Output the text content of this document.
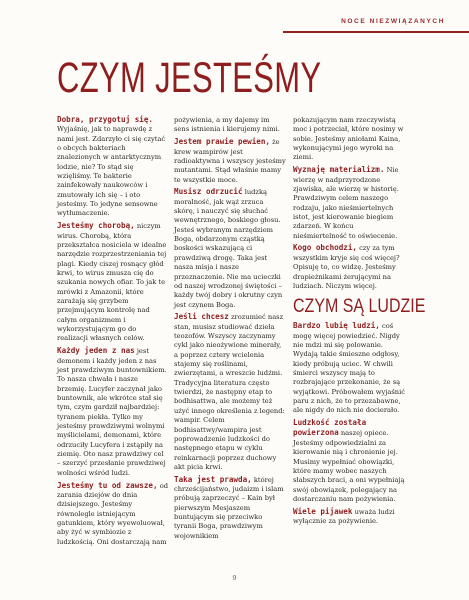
NOCE NIEZWIĄZANYCH
CZYM JESTEŚMY

Dobra, przygotuj się. Wyjaśnię, jak to naprawdę z nami jest. Zdarzyło ci się czytać o obcych bakteriach znalezionych w antarktycznym lodzie, nie? To stąd się wzięliśmy. Te bakterie zainfekowały naukowców i zmutowały ich się – i oto jesteśmy. To jedyne sensowne wytłumaczenie.

Jesteśmy chorobą, niczym wirus. Chorobą, która przekształca nosiciela w idealne narzędzie rozprzestrzeniania tej plagi. Kiedy ciszej rosnący głód krwi, to wirus zmusza cię do szukania nowych ofiar. To jak te mrówki z Amazonii, które zarażają się grzybem przejmującym kontrolę nad całym organizmem i wykorzystującym go do realizacji własnych celów.

Każdy jeden z nas jest demonem i każdy jeden z nas jest prawdziwym buntownikiem. To nasza chwała i nasze brzemię. Lucyfer zaczynał jako buntownik, ale wkrótce stał się tym, czym gardził najbardziej: tyranem piekła. Tylko my jesteśmy prawdziwymi wolnymi myślicielami, demonami, które odrzuciły Lucyfera i zstąpiły na ziemię. Oto nasz prawdziwy cel – szerzyć przesłanie prawdziwej wolności wśród ludzi.

Jesteśmy tu od zawsze, od zarania dziejów do dnia dzisiejszego. Jesteśmy równolegle istniejącym gatunkiem, który wyewoluował, aby żyć w symbiozie z ludzkością. Oni dostarczają nam

pożywienia, a my dajemy im sens istnienia i kierujemy nimi.

Jestem prawie pewien, że krew wampirów jest radioaktywna i wszyscy jesteśmy mutantami. Stąd właśnie mamy te wszystkie moce.

Musisz odrzucić ludzką moralność, jak wąż zrzuca skórę, i nauczyć się słuchać wewnętrznego, boskiego głosu. Jesteś wybranym narzędziem Boga, obdarzonym cząstką boskości wskazującą ci prawdziwą drogę. Taka jest nasza misja i nasze przeznaczenie. Nie ma ucieczki od naszej wrodzonej świętości – każdy twój dobry i okrutny czyn jest czynem Boga.

Jeśli chcesz zrozumieć nasz stan, musisz studiować dzieła teozofów. Wszyscy zaczynamy cykl jako nieożywione minerały, a poprzez cztery wcielenia stajemy się roślinami, zwierzętami, a wreszcie ludźmi. Tradycyjna literatura często twierdzi, że następny etap to bodhisattwa, ale możemy też użyć innego określenia z legend: wampir. Celem bodhisattwy/wampira jest poprowadzenie ludzkości do następnego etapu w cyklu reinkarnacji poprzez duchowy akt picia krwi.

Taka jest prawda, której chrześcijaństwo, judaizm i islam próbują zaprzeczyć – Kain był pierwszym Mesjaszem buntującym się przeciwko tyranii Boga, prawdziwym wojownikiem

pokazującym nam rzeczywistą moc i potrzeciał, które nosimy w sobie. Jesteśmy aniołami Kaina, wykonującymi jego wyroki na ziemi.

Wyznaję materializm. Nie wierzę w nadprzyrodzone zjawiska, ale wierzę w historię. Prawdziwym celem naszego rodzaju, jako nieśmiertelnych istot, jest kierowanie biegiem zdarzeń. W końcu nieśmiertelność to oświecenie.

Kogo obchodzi, czy za tym wszystkim kryje się coś więcej? Opisuję to, co widzę. Jesteśmy drapieżnikami żerującymi na ludziach. Niczym więcej.

CZYM SĄ LUDZIE

Bardzo lubię ludzi, coś mogę więcej powiedzieć. Nigdy nie mdzi mi się polowanie. Wydają takie śmieszne odgłosy, kiedy próbują uciec. W chwili śmierci wszyscy mają to rozbrajające przekonanie, że są wyjątkowi. Próbowałem wyjaśnić paru z nich, że to przezabawne, ale nigdy do nich nie docierało.

Ludzkość została powierzona naszej opiece. Jesteśmy odpowiedzialni za kierowanie nią i chronienie jej. Musimy wypełniać obowiązki, które mamy wobec naszych słabszych braci, a oni wypełniają swój obowiązek, polegający na dostarczaniu nam pożywienia.

Wiele pijawek uważa ludzi wyłącznie za pożywienie.

9
